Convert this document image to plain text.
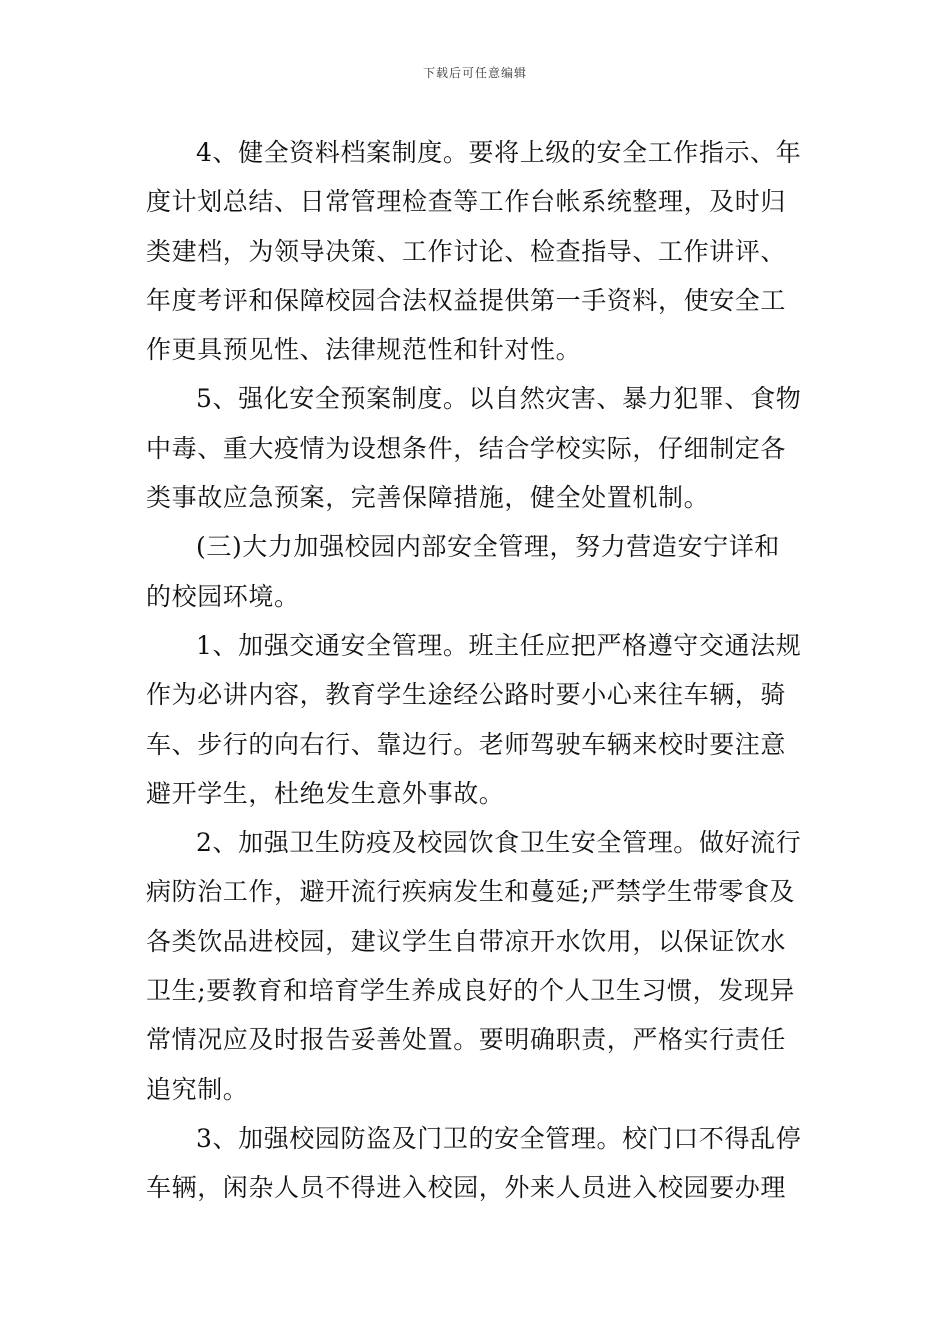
下载后可任意编辑

4、健全资料档案制度。要将上级的安全工作指示、年
度计划总结、日常管理检查等工作台帐系统整理，及时归
类建档，为领导决策、工作讨论、检查指导、工作讲评、
年度考评和保障校园合法权益提供第一手资料，使安全工
作更具预见性、法律规范性和针对性。

5、强化安全预案制度。以自然灾害、暴力犯罪、食物
中毒、重大疫情为设想条件，结合学校实际，仔细制定各
类事故应急预案，完善保障措施，健全处置机制。

(三)大力加强校园内部安全管理，努力营造安宁详和
的校园环境。

1、加强交通安全管理。班主任应把严格遵守交通法规
作为必讲内容，教育学生途经公路时要小心来往车辆，骑
车、步行的向右行、靠边行。老师驾驶车辆来校时要注意
避开学生，杜绝发生意外事故。

2、加强卫生防疫及校园饮食卫生安全管理。做好流行
病防治工作，避开流行疾病发生和蔓延;严禁学生带零食及
各类饮品进校园，建议学生自带凉开水饮用，以保证饮水
卫生;要教育和培育学生养成良好的个人卫生习惯，发现异
常情况应及时报告妥善处置。要明确职责，严格实行责任
追究制。

3、加强校园防盗及门卫的安全管理。校门口不得乱停
车辆，闲杂人员不得进入校园，外来人员进入校园要办理
